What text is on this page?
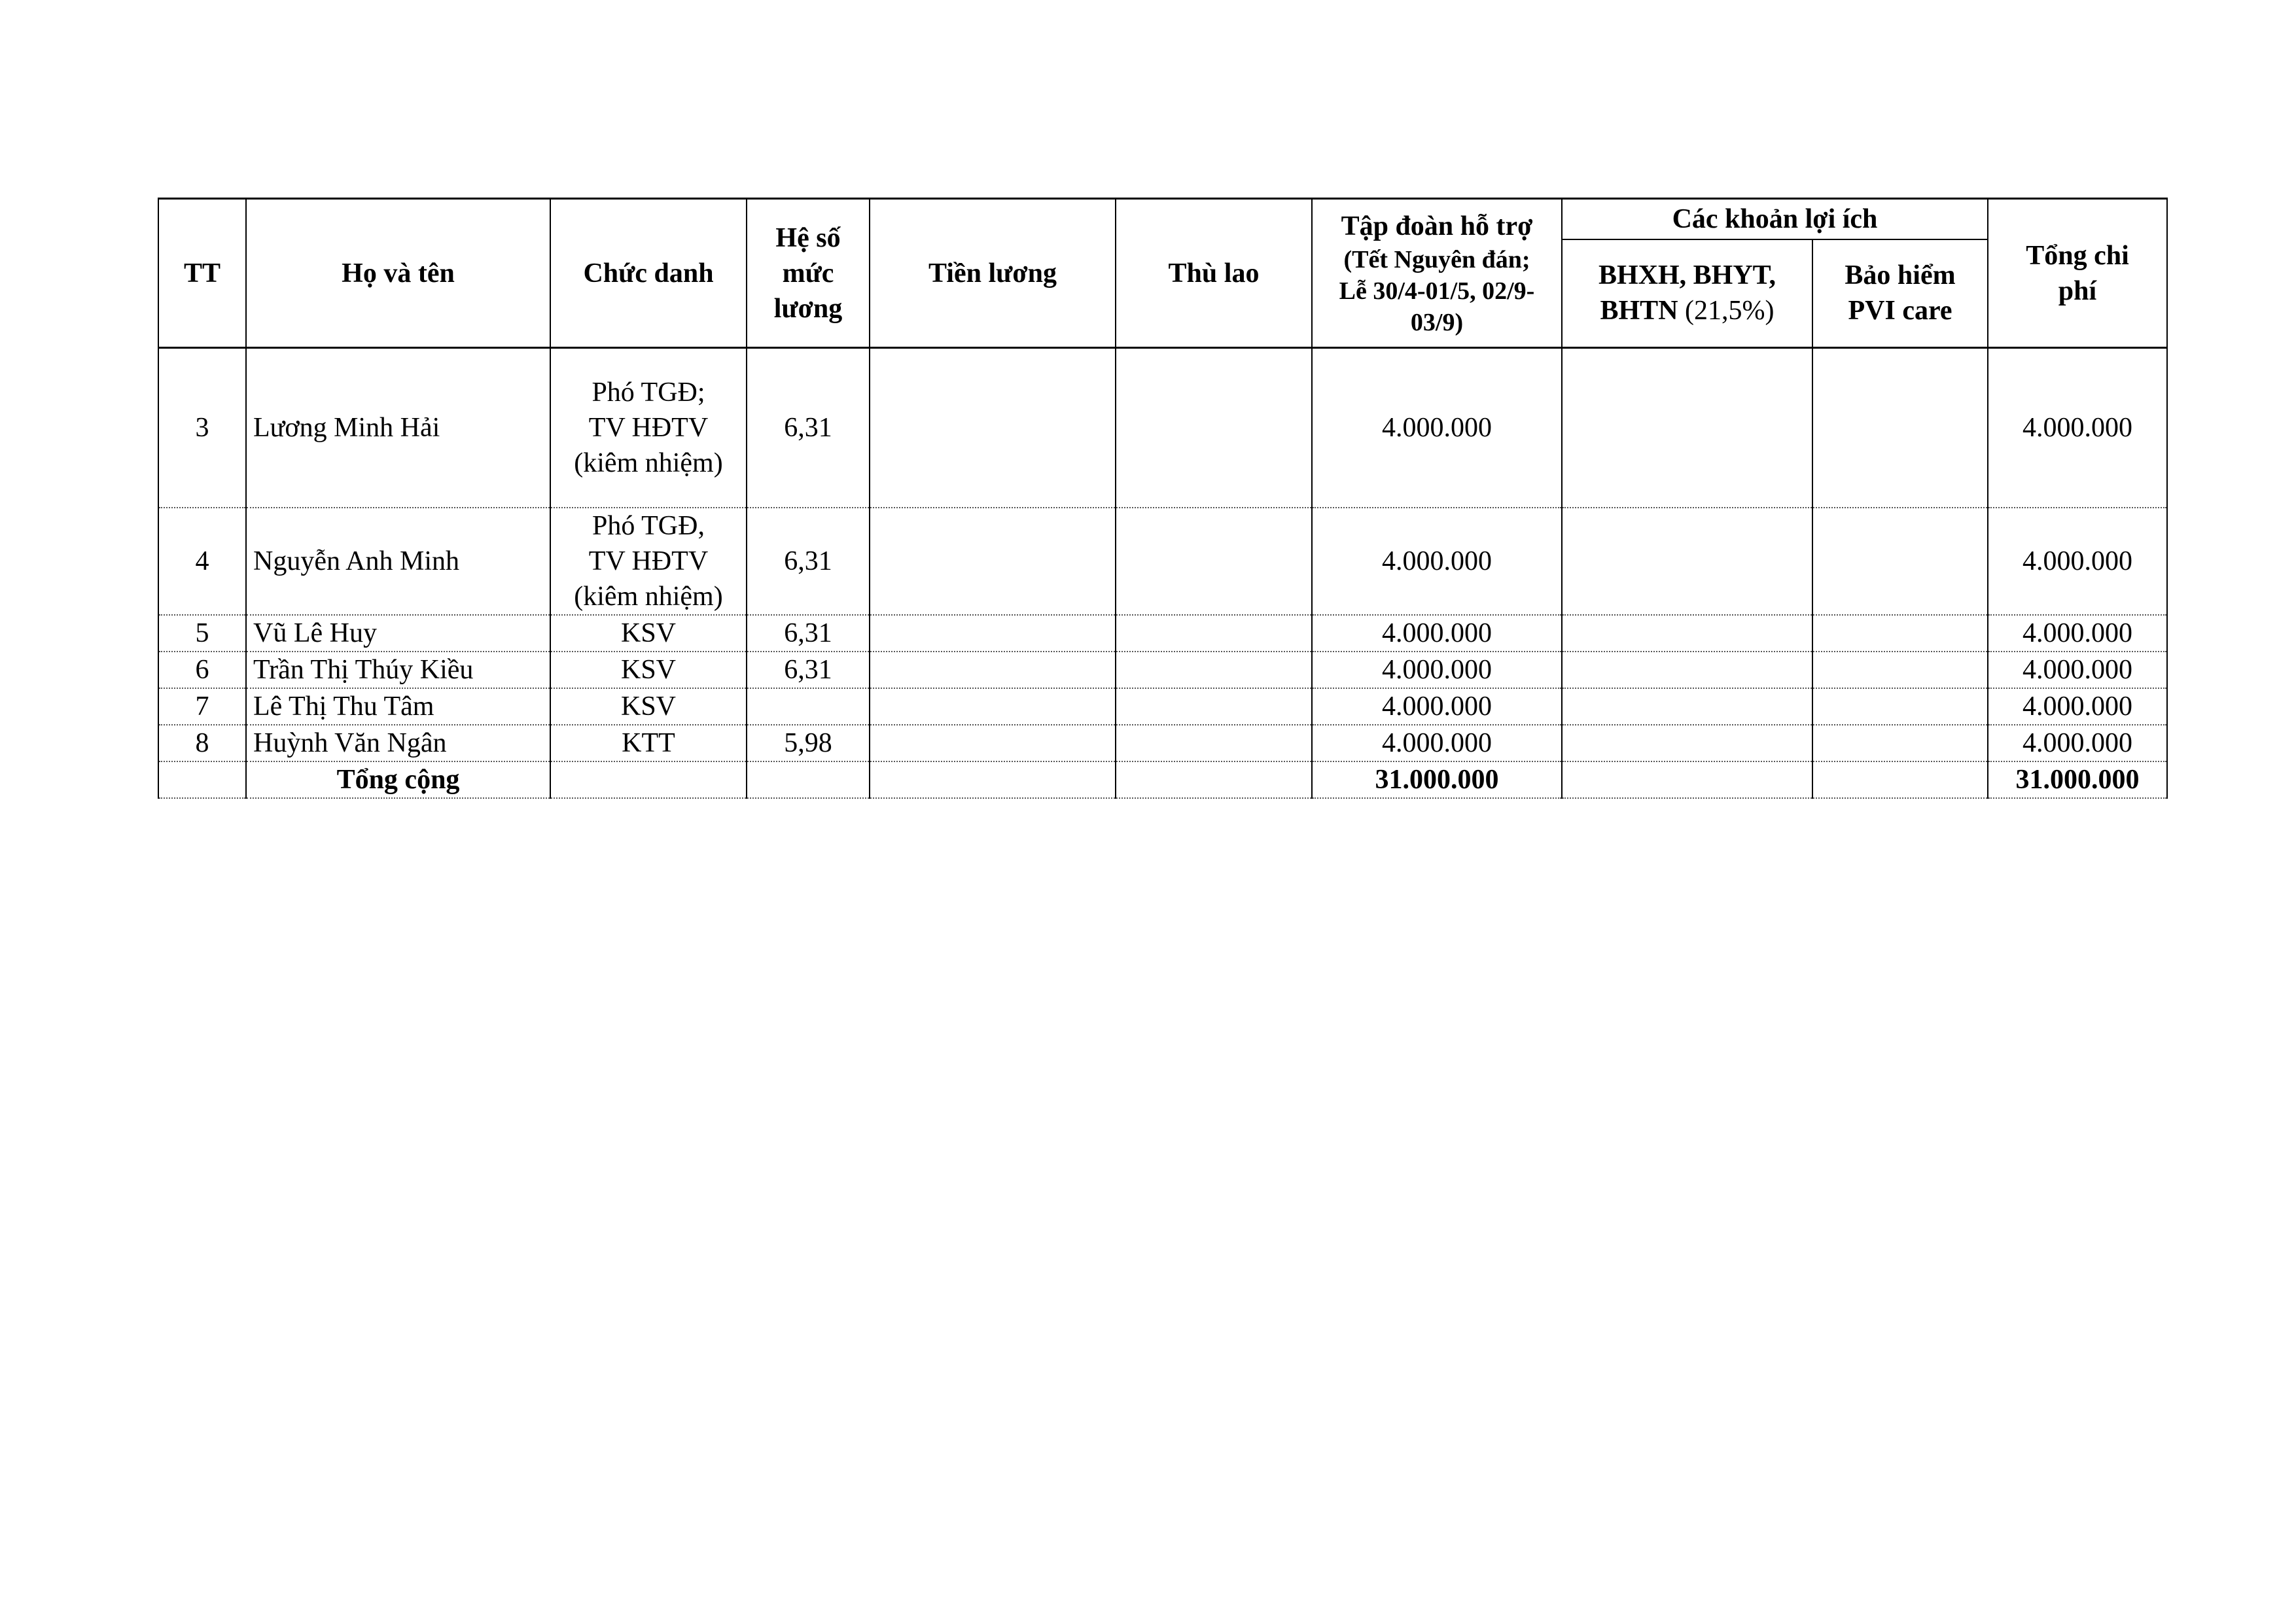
TT	Họ và tên	Chức danh	Hệ số
mức
lương	Tiền lương	Thù lao	Tập đoàn hỗ trợ
(Tết Nguyên đán;
Lễ 30/4-01/5, 02/9-
03/9)	Các khoản lợi ích		Tổng chi
phí

							BHXH, BHYT,
BHTN (21,5%)	Bảo hiểm
PVI care	

3	Lương Minh Hải	Phó TGĐ;
TV HĐTV
(kiêm nhiệm)	6,31			4.000.000			4.000.000
4	Nguyễn Anh Minh	Phó TGĐ,
TV HĐTV
(kiêm nhiệm)	6,31			4.000.000			4.000.000
5	Vũ Lê Huy	KSV	6,31			4.000.000			4.000.000
6	Trần Thị Thúy Kiều	KSV	6,31			4.000.000			4.000.000
7	Lê Thị Thu Tâm	KSV				4.000.000			4.000.000
8	Huỳnh Văn Ngân	KTT	5,98			4.000.000			4.000.000
	Tổng cộng					31.000.000			31.000.000
